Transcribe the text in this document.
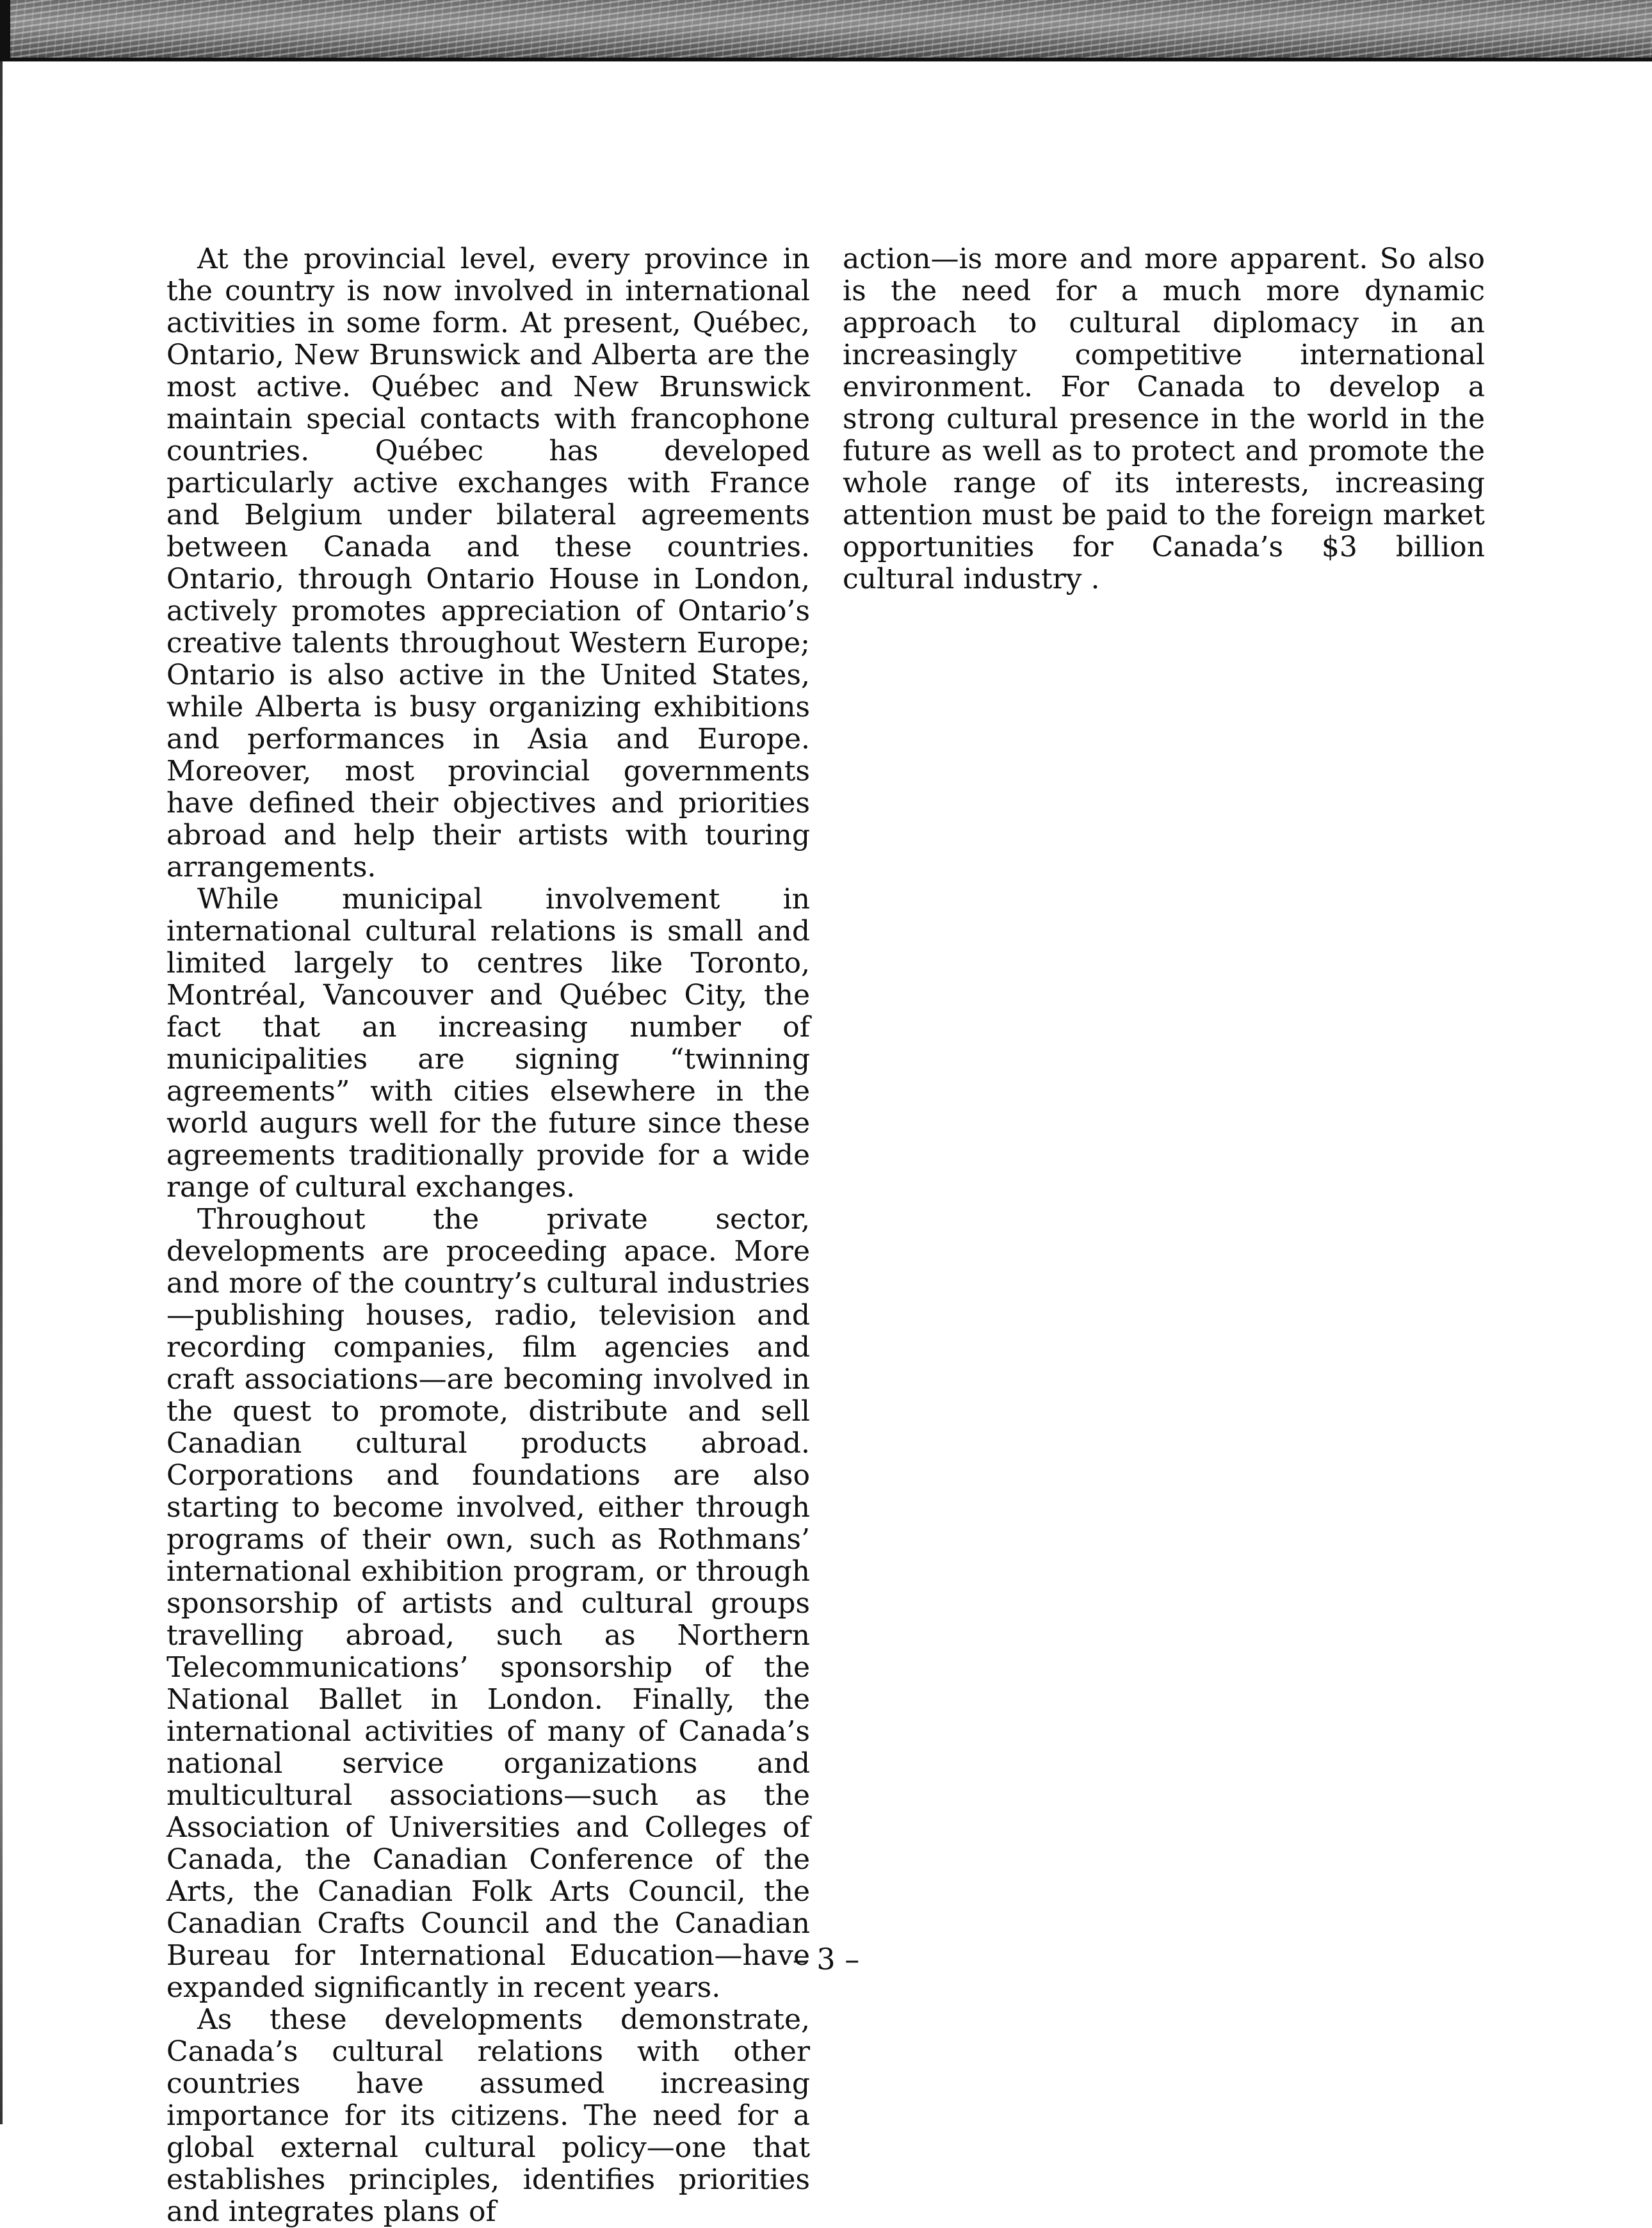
At the provincial level, every province in the country is now involved in international activities in some form. At present, Québec, Ontario, New Brunswick and Alberta are the most active. Québec and New Brunswick maintain special contacts with francophone countries. Québec has developed particularly active exchanges with France and Belgium under bilateral agreements between Canada and these countries. Ontario, through Ontario House in London, actively promotes appreciation of Ontario’s creative talents throughout Western Europe; Ontario is also active in the United States, while Alberta is busy organizing exhibitions and performances in Asia and Europe. Moreover, most provincial governments have defined their objectives and priorities abroad and help their artists with touring arrangements.

While municipal involvement in international cultural relations is small and limited largely to centres like Toronto, Montréal, Vancouver and Québec City, the fact that an increasing number of municipalities are signing “twinning agreements” with cities elsewhere in the world augurs well for the future since these agreements traditionally provide for a wide range of cultural exchanges.

Throughout the private sector, developments are proceeding apace. More and more of the country’s cultural industries—publishing houses, radio, television and recording companies, film agencies and craft associations—are becoming involved in the quest to promote, distribute and sell Canadian cultural products abroad. Corporations and foundations are also starting to become involved, either through programs of their own, such as Rothmans’ international exhibition program, or through sponsorship of artists and cultural groups travelling abroad, such as Northern Telecommunications’ sponsorship of the National Ballet in London. Finally, the international activities of many of Canada’s national service organizations and multicultural associations—such as the Association of Universities and Colleges of Canada, the Canadian Conference of the Arts, the Canadian Folk Arts Council, the Canadian Crafts Council and the Canadian Bureau for International Education—have expanded significantly in recent years.

As these developments demonstrate, Canada’s cultural relations with other countries have assumed increasing importance for its citizens. The need for a global external cultural policy—one that establishes principles, identifies priorities and integrates plans of

action—is more and more apparent. So also is the need for a much more dynamic approach to cultural diplomacy in an increasingly competitive international environment. For Canada to develop a strong cultural presence in the world in the future as well as to protect and promote the whole range of its interests, increasing attention must be paid to the foreign market opportunities for Canada’s $3 billion cultural industry .

– 3 –
